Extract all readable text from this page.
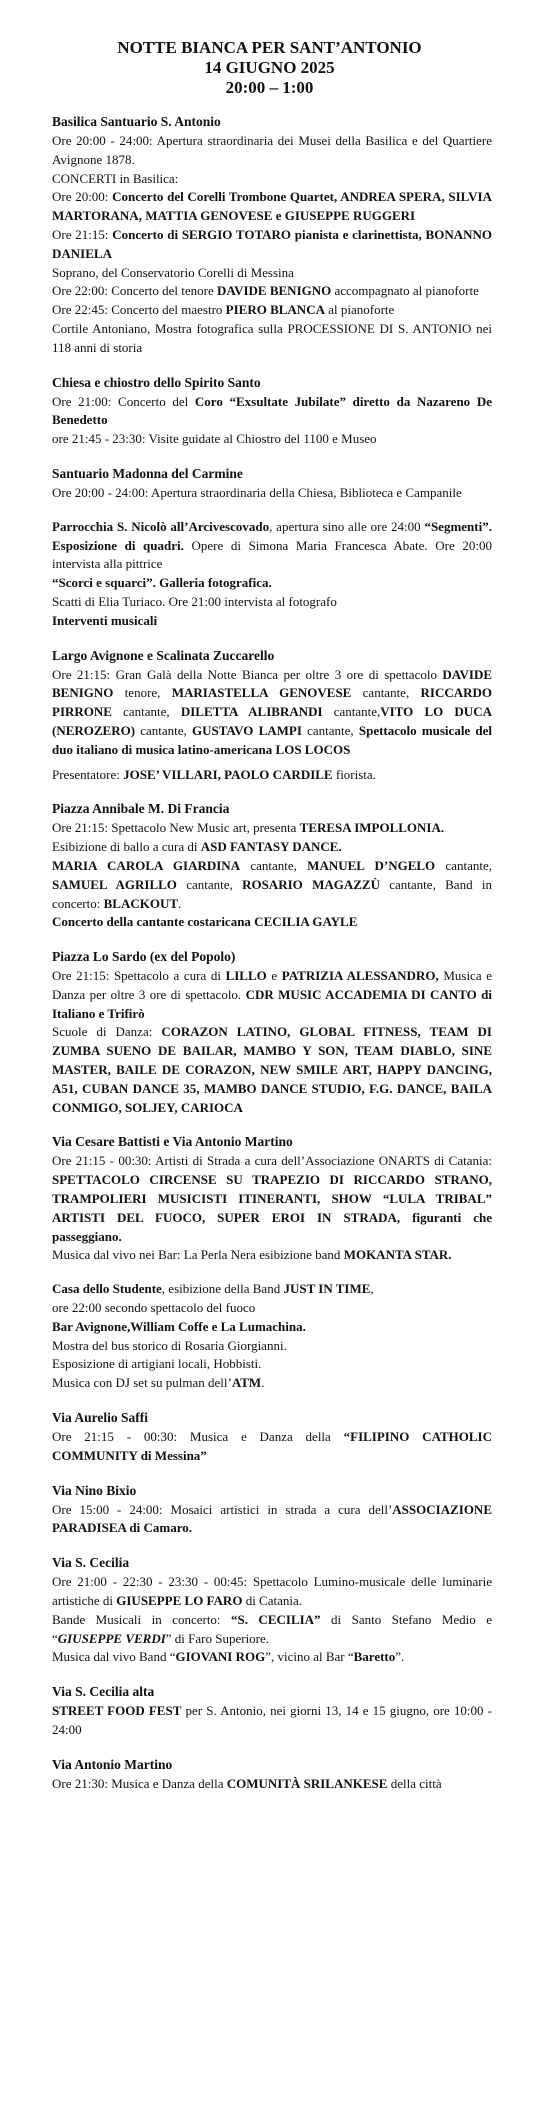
NOTTE BIANCA PER SANT’ANTONIO
14 GIUGNO 2025
20:00 – 1:00
Basilica Santuario S. Antonio

Ore 20:00 - 24:00: Apertura straordinaria dei Musei della Basilica e del Quartiere Avignone 1878.

CONCERTI in Basilica:

Ore 20:00: Concerto del Corelli Trombone Quartet, ANDREA SPERA, SILVIA MARTORANA, MATTIA GENOVESE e GIUSEPPE RUGGERI

Ore 21:15: Concerto di SERGIO TOTARO pianista e clarinettista, BONANNO DANIELA

Soprano, del Conservatorio Corelli di Messina

Ore 22:00: Concerto del tenore DAVIDE BENIGNO accompagnato al pianoforte

Ore 22:45: Concerto del maestro PIERO BLANCA al pianoforte

Cortile Antoniano, Mostra fotografica sulla PROCESSIONE DI S. ANTONIO nei 118 anni di storia

Chiesa e chiostro dello Spirito Santo

Ore 21:00: Concerto del Coro “Exsultate Jubilate” diretto da Nazareno De Benedetto

ore 21:45 - 23:30: Visite guidate al Chiostro del 1100 e Museo

Santuario Madonna del Carmine

Ore 20:00 - 24:00: Apertura straordinaria della Chiesa, Biblioteca e Campanile

Parrocchia S. Nicolò all’Arcivescovado, apertura sino alle ore 24:00 “Segmenti”. Esposizione di quadri. Opere di Simona Maria Francesca Abate. Ore 20:00 intervista alla pittrice

“Scorci e squarci”. Galleria fotografica.

Scatti di Elia Turiaco. Ore 21:00 intervista al fotografo

Interventi musicali

Largo Avignone e Scalinata Zuccarello

Ore 21:15: Gran Galà della Notte Bianca per oltre 3 ore di spettacolo DAVIDE BENIGNO tenore, MARIASTELLA GENOVESE cantante, RICCARDO PIRRONE cantante, DILETTA ALIBRANDI cantante,VITO LO DUCA (NEROZERO) cantante, GUSTAVO LAMPI cantante, Spettacolo musicale del duo italiano di musica latino-americana LOS LOCOS

Presentatore: JOSE’ VILLARI, PAOLO CARDILE fiorista.

Piazza Annibale M. Di Francia

Ore 21:15: Spettacolo New Music art, presenta TERESA IMPOLLONIA.

Esibizione di ballo a cura di ASD FANTASY DANCE.

MARIA CAROLA GIARDINA cantante, MANUEL D’NGELO cantante, SAMUEL AGRILLO cantante, ROSARIO MAGAZZÙ cantante, Band in concerto: BLACKOUT.

Concerto della cantante costaricana CECILIA GAYLE

Piazza Lo Sardo (ex del Popolo)

Ore 21:15: Spettacolo a cura di LILLO e PATRIZIA ALESSANDRO, Musica e Danza per oltre 3 ore di spettacolo. CDR MUSIC ACCADEMIA DI CANTO di Italiano e Trifirò

Scuole di Danza: CORAZON LATINO, GLOBAL FITNESS, TEAM DI ZUMBA SUENO DE BAILAR, MAMBO Y SON, TEAM DIABLO, SINE MASTER, BAILE DE CORAZON, NEW SMILE ART, HAPPY DANCING, A51, CUBAN DANCE 35, MAMBO DANCE STUDIO, F.G. DANCE, BAILA CONMIGO, SOLJEY, CARIOCA

Via Cesare Battisti e Via Antonio Martino

Ore 21:15 - 00:30: Artisti di Strada a cura dell’Associazione ONARTS di Catania: SPETTACOLO CIRCENSE SU TRAPEZIO DI RICCARDO STRANO, TRAMPOLIERI MUSICISTI ITINERANTI, SHOW “LULA TRIBAL” ARTISTI DEL FUOCO, SUPER EROI IN STRADA, figuranti che passeggiano.

Musica dal vivo nei Bar: La Perla Nera esibizione band MOKANTA STAR.

Casa dello Studente, esibizione della Band JUST IN TIME,

ore 22:00 secondo spettacolo del fuoco

Bar Avignone,William Coffe e La Lumachina.

Mostra del bus storico di Rosaria Giorgianni.

Esposizione di artigiani locali, Hobbisti.

Musica con DJ set su pulman dell’ATM.

Via Aurelio Saffi

Ore 21:15 - 00:30: Musica e Danza della “FILIPINO CATHOLIC COMMUNITY di Messina”

Via Nino Bixio

Ore 15:00 - 24:00: Mosaici artistici in strada a cura dell’ASSOCIAZIONE PARADISEA di Camaro.

Via S. Cecilia

Ore 21:00 - 22:30 - 23:30 - 00:45: Spettacolo Lumino-musicale delle luminarie artistiche di GIUSEPPE LO FARO di Catania.

Bande Musicali in concerto: “S. CECILIA” di Santo Stefano Medio e “GIUSEPPE VERDI” di Faro Superiore.

Musica dal vivo Band “GIOVANI ROG”, vicino al Bar “Baretto”.

Via S. Cecilia alta

STREET FOOD FEST per S. Antonio, nei giorni 13, 14 e 15 giugno, ore 10:00 - 24:00

Via Antonio Martino

Ore 21:30: Musica e Danza della COMUNITÀ SRILANKESE della città
